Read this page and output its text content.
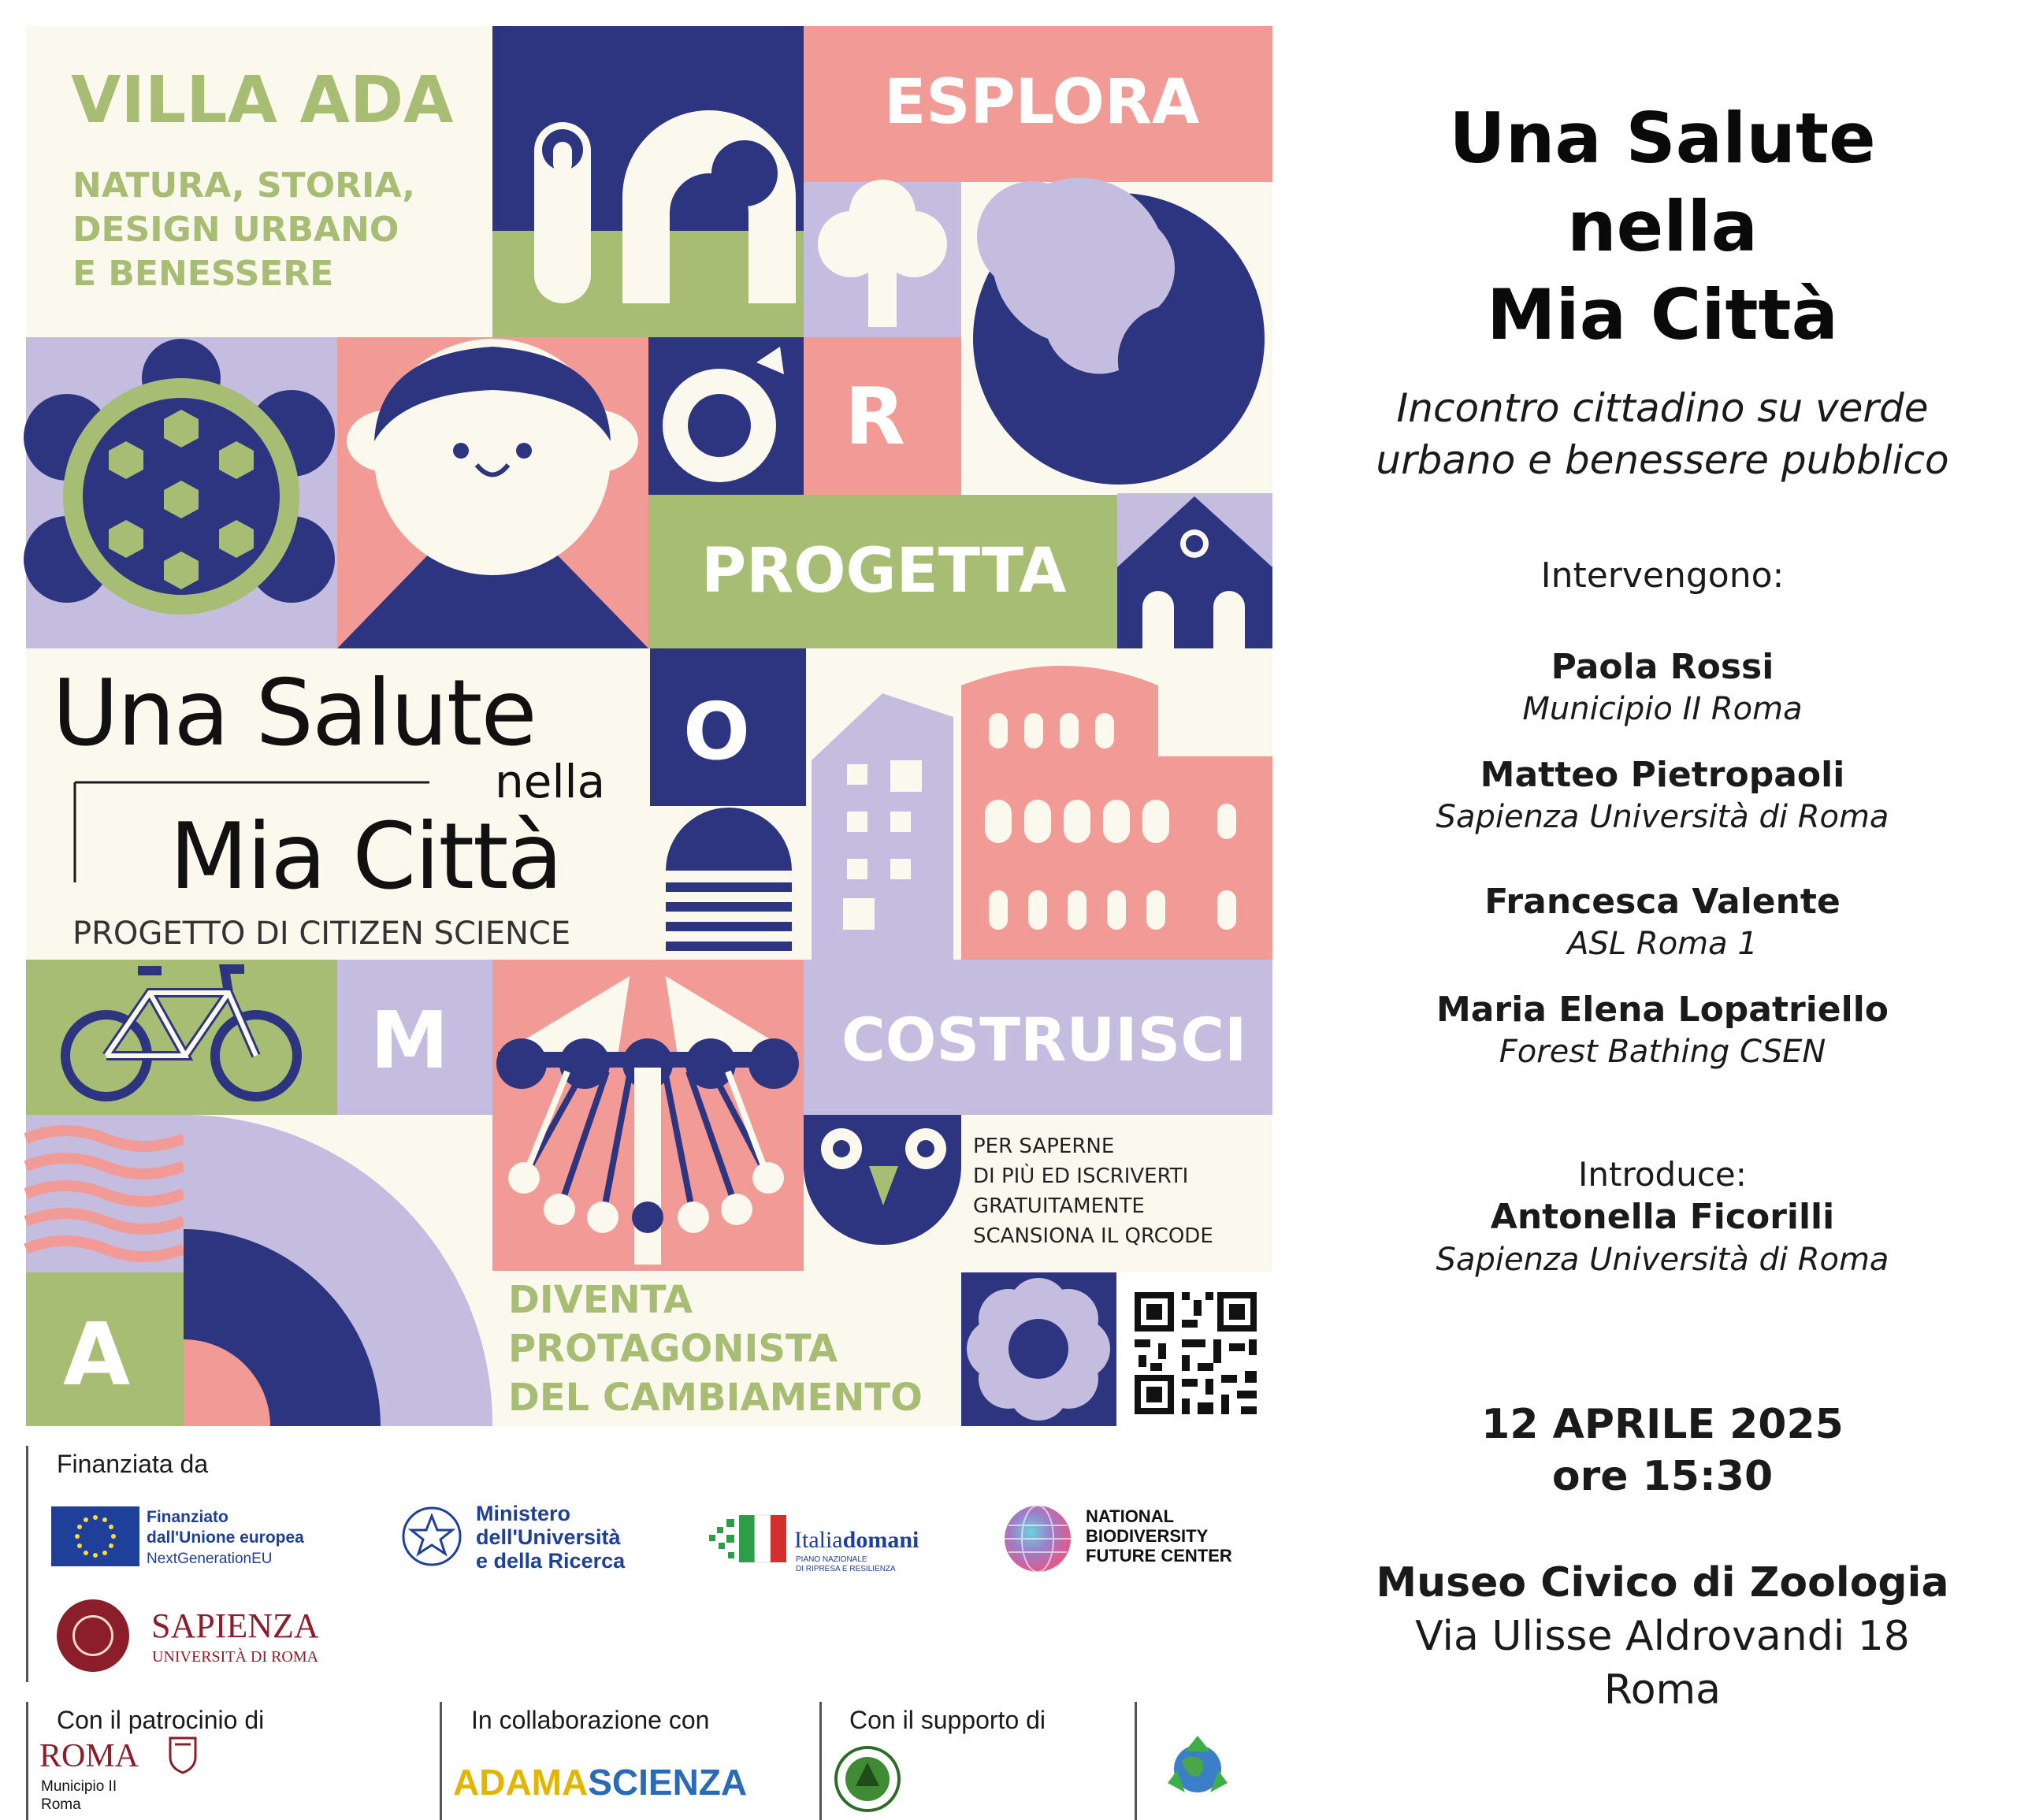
VILLA ADA
NATURA, STORIA,
DESIGN URBANO
E BENESSERE
ESPLORA
R
PROGETTA
O
M	COSTRUISCI
A
Una Salute
nella
Mia Città
PROGETTO DI CITIZEN SCIENCE
PER SAPERNE
DI PIÙ ED ISCRIVERTI
GRATUITAMENTE
SCANSIONA IL QRCODE
DIVENTA
PROTAGONISTA
DEL CAMBIAMENTO
Finanziata da
Finanziato
dall'Unione europea
NextGenerationEU
Ministero
dell'Università
e della Ricerca
Italiadomani
PIANO NAZIONALE
DI RIPRESA E RESILIENZA
NATIONAL
BIODIVERSITY
FUTURE CENTER
SAPIENZA
UNIVERSITÀ DI ROMA
Con il patrocinio di
ROMA
Municipio II
Roma
In collaborazione con
ADAMASCIENZA
Con il supporto di
Una Salute
nella
Mia Città
Incontro cittadino su verde
urbano e benessere pubblico
Intervengono:
Paola Rossi
Municipio II Roma
Matteo Pietropaoli
Sapienza Università di Roma
Francesca Valente
ASL Roma 1
Maria Elena Lopatriello
Forest Bathing CSEN
Introduce:
Antonella Ficorilli
Sapienza Università di Roma
12 APRILE 2025
ore 15:30
Museo Civico di Zoologia
Via Ulisse Aldrovandi 18
Roma
